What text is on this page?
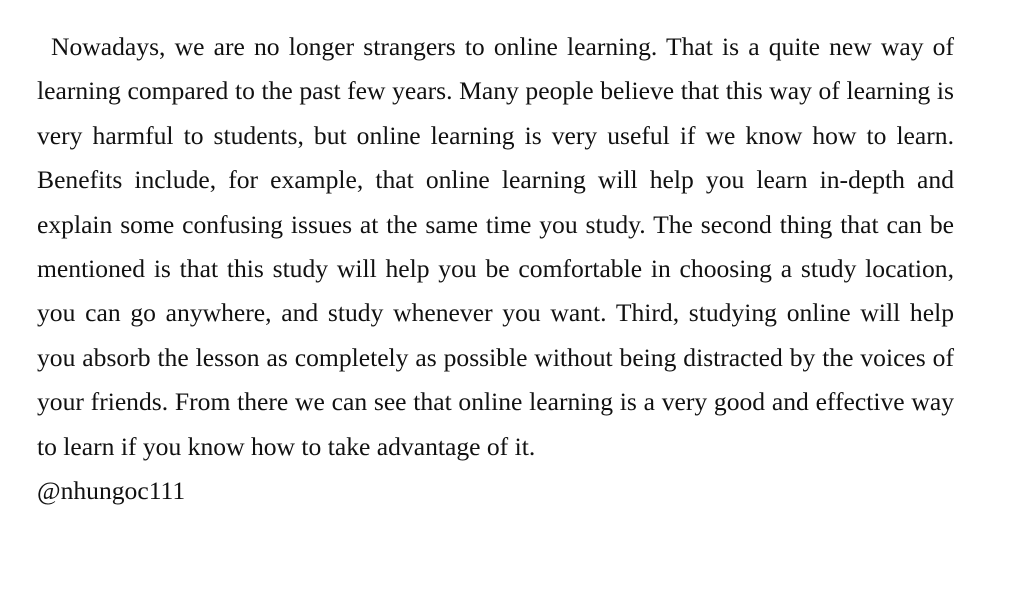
Nowadays, we are no longer strangers to online learning. That is a quite new way of learning compared to the past few years. Many people believe that this way of learning is very harmful to students, but online learning is very useful if we know how to learn. Benefits include, for example, that online learning will help you learn in-depth and explain some confusing issues at the same time you study. The second thing that can be mentioned is that this study will help you be comfortable in choosing a study location, you can go anywhere, and study whenever you want. Third, studying online will help you absorb the lesson as completely as possible without being distracted by the voices of your friends. From there we can see that online learning is a very good and effective way to learn if you know how to take advantage of it.

@nhungoc111
